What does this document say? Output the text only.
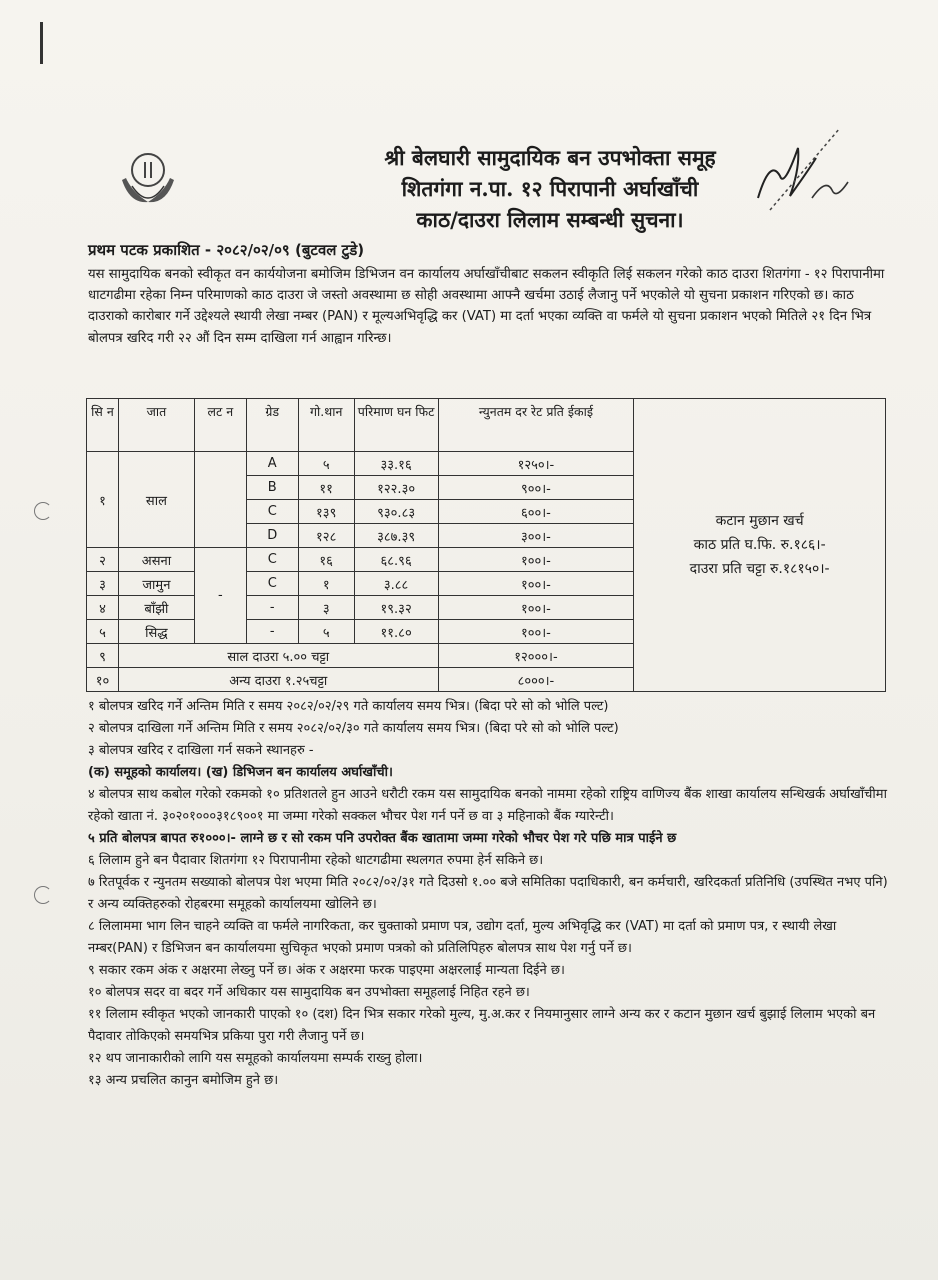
श्री बेलघारी सामुदायिक बन उपभोक्ता समूह
शितगंगा न.पा. १२ पिरापानी अर्घाखाँची
काठ/दाउरा लिलाम सम्बन्धी सुचना।
प्रथम पटक प्रकाशित - २०८२/०२/०९ (बुटवल टुडे)
यस सामुदायिक बनको स्वीकृत वन कार्ययोजना बमोजिम डिभिजन वन कार्यालय अर्घाखाँचीबाट सकलन स्वीकृति लिई सकलन गरेको काठ दाउरा शितगंगा - १२ पिरापानीमा धाटगढीमा रहेका निम्न परिमाणको काठ दाउरा जे जस्तो अवस्थामा छ सोही अवस्थामा आफ्नै खर्चमा उठाई लैजानु पर्ने भएकोले यो सुचना प्रकाशन गरिएको छ। काठ दाउराको कारोबार गर्ने उद्देश्यले स्थायी लेखा नम्बर (PAN) र मूल्यअभिवृद्धि कर (VAT) मा दर्ता भएका व्यक्ति वा फर्मले यो सुचना प्रकाशन भएको मितिले २१ दिन भित्र बोलपत्र खरिद गरी २२ औं दिन सम्म दाखिला गर्न आह्वान गरिन्छ।
सि न	जात	लट न	ग्रेड	गो.थान	परिमाण घन फिट	न्युनतम दर रेट प्रति ईकाई	कटान मुछान खर्च
काठ प्रति घ.फि. रु.१८६।-
दाउरा प्रति चट्टा रु.१८१५०।-

१	साल		A	५	३३.१६	१२५०।-	
			B	११	१२२.३०	९००।-	
			C	१३९	९३०.८३	६००।-	
			D	१२८	३८७.३९	३००।-	
२	असना	-	C	१६	६८.९६	१००।-	
३	जामुन		C	१	३.८८	१००।-	
४	बाँझी		-	३	१९.३२	१००।-	
५	सिद्ध		-	५	११.८०	१००।-	
९	साल दाउरा ५.०० चट्टा					१२०००।-	
१०	अन्य दाउरा १.२५चट्टा					८०००।-	

१ बोलपत्र खरिद गर्ने अन्तिम मिति र समय २०८२/०२/२९ गते कार्यालय समय भित्र। (बिदा परे सो को भोलि पल्ट)

२ बोलपत्र दाखिला गर्ने अन्तिम मिति र समय २०८२/०२/३० गते कार्यालय समय भित्र। (बिदा परे सो को भोलि पल्ट)

३ बोलपत्र खरिद र दाखिला गर्न सकने स्थानहरु -

(क) समूहको कार्यालय। (ख) डिभिजन बन कार्यालय अर्घाखाँची।

४ बोलपत्र साथ कबोल गरेको रकमको १० प्रतिशतले हुन आउने धरौटी रकम यस सामुदायिक बनको नाममा रहेको राष्ट्रिय वाणिज्य बैंक शाखा कार्यालय सन्धिखर्क अर्घाखाँचीमा रहेको खाता नं. ३०२०१०००३१८९००१ मा जम्मा गरेको सक्कल भौचर पेश गर्न पर्ने छ वा ३ महिनाको बैंक ग्यारेन्टी।

५ प्रति बोलपत्र बापत रु१०००।- लाग्ने छ र सो रकम पनि उपरोक्त बैंक खातामा जम्मा गरेको भौचर पेश गरे पछि मात्र पाईने छ

६ लिलाम हुने बन पैदावार शितगंगा १२ पिरापानीमा रहेको धाटगढीमा स्थलगत रुपमा हेर्न सकिने छ।

७ रितपूर्वक र न्युनतम सख्याको बोलपत्र पेश भएमा मिति २०८२/०२/३१ गते दिउसो १.०० बजे समितिका पदाधिकारी, बन कर्मचारी, खरिदकर्ता प्रतिनिधि (उपस्थित नभए पनि) र अन्य व्यक्तिहरुको रोहबरमा समूहको कार्यालयमा खोलिने छ।

८ लिलाममा भाग लिन चाहने व्यक्ति वा फर्मले नागरिकता, कर चुक्ताको प्रमाण पत्र, उद्योग दर्ता, मुल्य अभिवृद्धि कर (VAT) मा दर्ता को प्रमाण पत्र, र स्थायी लेखा नम्बर(PAN) र डिभिजन बन कार्यालयमा सुचिकृत भएको प्रमाण पत्रको को प्रतिलिपिहरु बोलपत्र साथ पेश गर्नु पर्ने छ।

९ सकार रकम अंक र अक्षरमा लेख्नु पर्ने छ। अंक र अक्षरमा फरक पाइएमा अक्षरलाई मान्यता दिईने छ।

१० बोलपत्र सदर वा बदर गर्ने अधिकार यस सामुदायिक बन उपभोक्ता समूहलाई निहित रहने छ।

११ लिलाम स्वीकृत भएको जानकारी पाएको १० (दश) दिन भित्र सकार गरेको मुल्य, मु.अ.कर र नियमानुसार लाग्ने अन्य कर र कटान मुछान खर्च बुझाई लिलाम भएको बन पैदावार तोकिएको समयभित्र प्रकिया पुरा गरी लैजानु पर्ने छ।

१२ थप जानाकारीको लागि यस समूहको कार्यालयमा सम्पर्क राख्नु होला।

१३ अन्य प्रचलित कानुन बमोजिम हुने छ।
